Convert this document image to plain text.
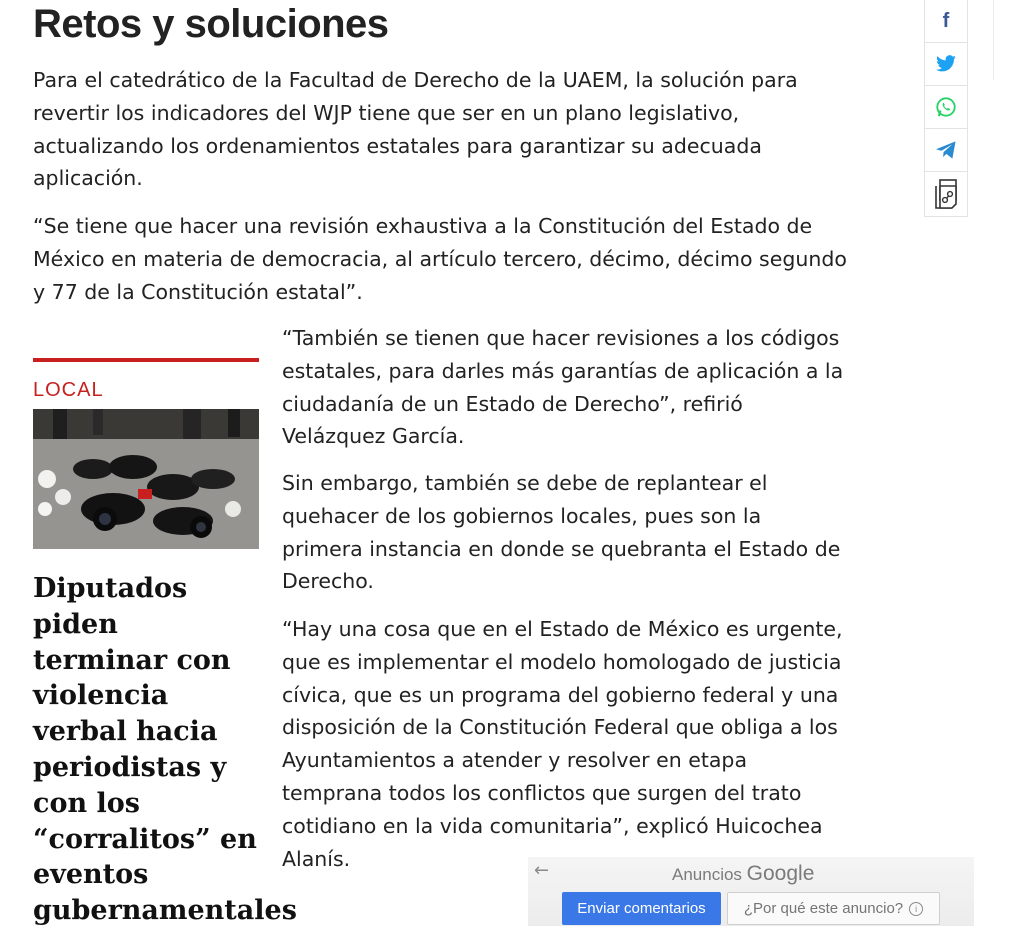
Retos y soluciones

Para el catedrático de la Facultad de Derecho de la UAEM, la solución para revertir los indicadores del WJP tiene que ser en un plano legislativo, actualizando los ordenamientos estatales para garantizar su adecuada aplicación.

“Se tiene que hacer una revisión exhaustiva a la Constitución del Estado de México en materia de democracia, al artículo tercero, décimo, décimo segundo y 77 de la Constitución estatal”.

“También se tienen que hacer revisiones a los códigos estatales, para darles más garantías de aplicación a la ciudadanía de un Estado de Derecho”, refirió Velázquez García.
Sin embargo, también se debe de replantear el quehacer de los gobiernos locales, pues son la primera instancia en donde se quebranta el Estado de Derecho.
“Hay una cosa que en el Estado de México es urgente, que es implementar el modelo homologado de justicia cívica, que es un programa del gobierno federal y una disposición de la Constitución Federal que obliga a los Ayuntamientos a atender y resolver en etapa temprana todos los conflictos que surgen del trato cotidiano en la vida comunitaria”, explicó Huicochea Alanís.
LOCAL
Diputados piden terminar con violencia verbal hacia periodistas y con los “corralitos” en eventos gubernamentales
f
←	Anuncios Google
Enviar comentarios	¿Por qué este anuncio?	i
